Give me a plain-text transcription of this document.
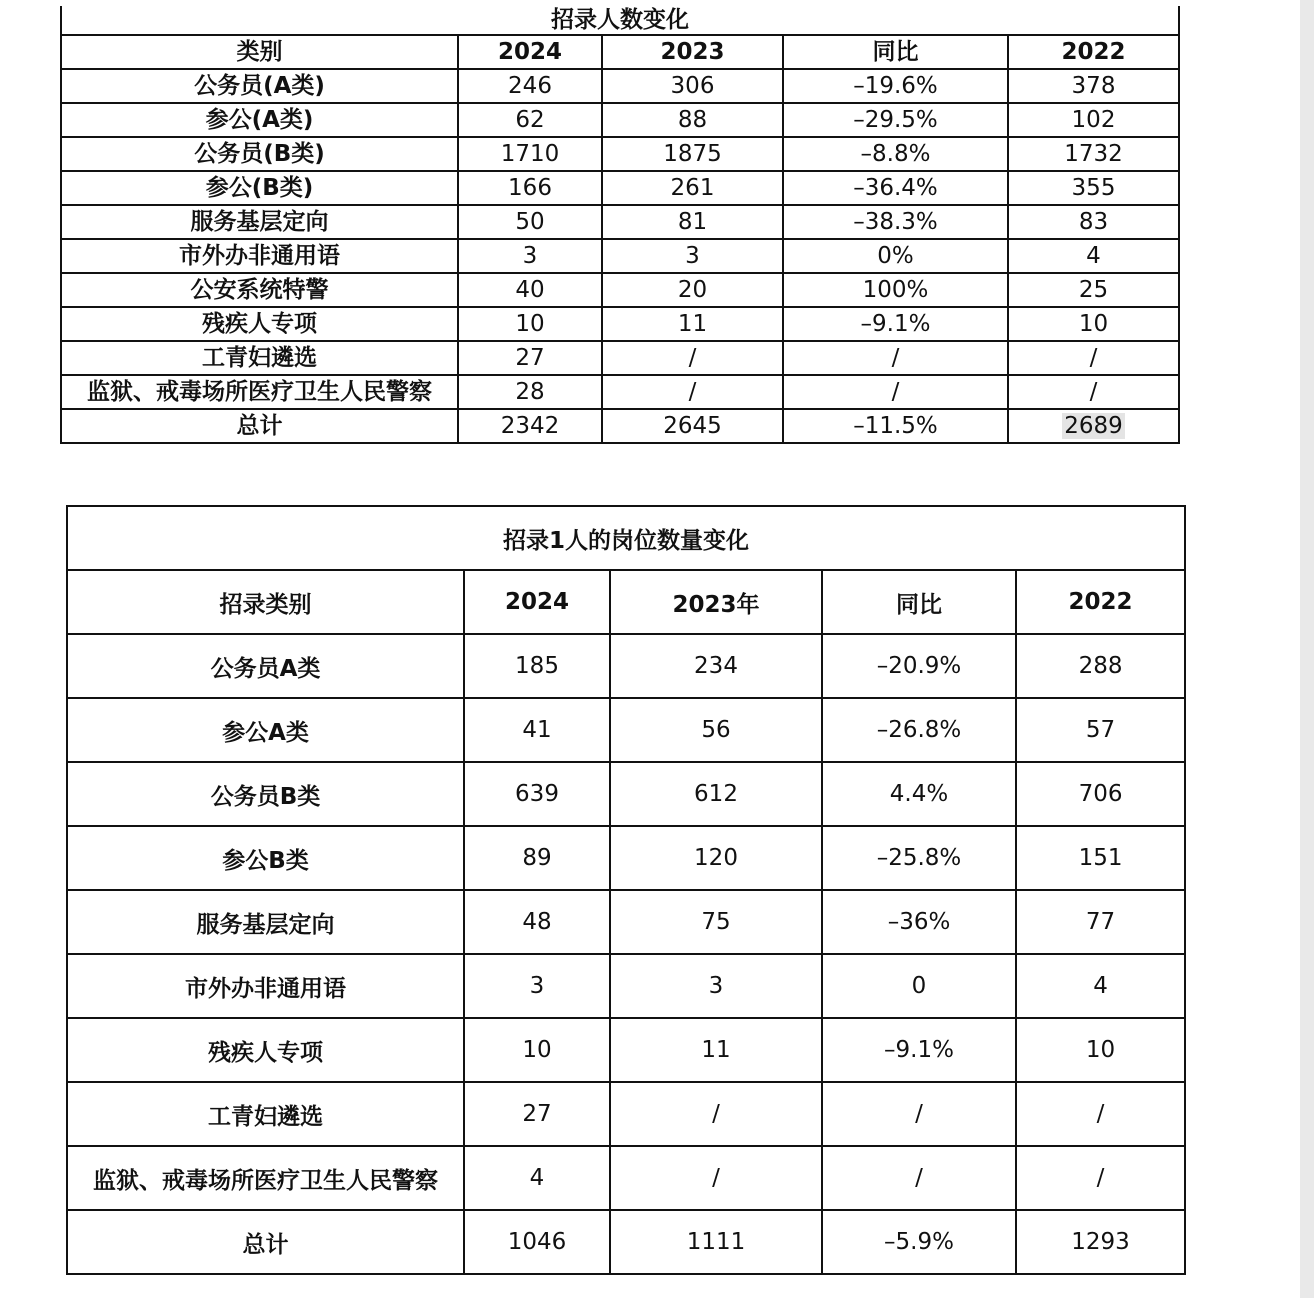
招录人数变化				
类别	2024	2023	同比	2022
公务员(A类)	246	306	–19.6%	378
参公(A类)	62	88	–29.5%	102
公务员(B类)	1710	1875	–8.8%	1732
参公(B类)	166	261	–36.4%	355
服务基层定向	50	81	–38.3%	83
市外办非通用语	3	3	0%	4
公安系统特警	40	20	100%	25
残疾人专项	10	11	–9.1%	10
工青妇遴选	27	/	/	/
监狱、戒毒场所医疗卫生人民警察	28	/	/	/
总计	2342	2645	–11.5%	2689
招录1人的岗位数量变化				
招录类别	2024	2023年	同比	2022
公务员A类	185	234	–20.9%	288
参公A类	41	56	–26.8%	57
公务员B类	639	612	4.4%	706
参公B类	89	120	–25.8%	151
服务基层定向	48	75	–36%	77
市外办非通用语	3	3	0	4
残疾人专项	10	11	–9.1%	10
工青妇遴选	27	/	/	/
监狱、戒毒场所医疗卫生人民警察	4	/	/	/
总计	1046	1111	–5.9%	1293
